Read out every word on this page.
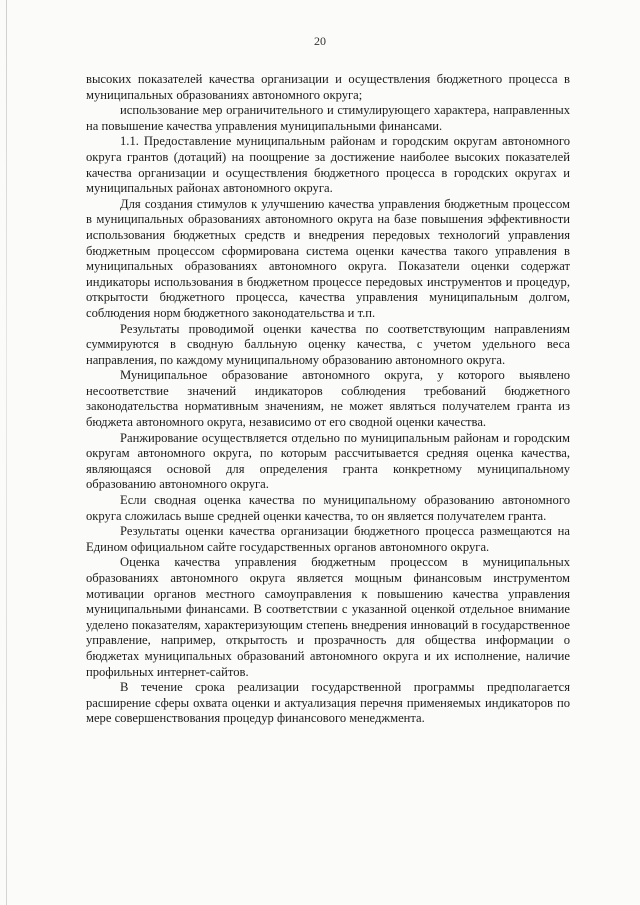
20

высоких показателей качества организации и осуществления бюджетного процесса в муниципальных образованиях автономного округа;

использование мер ограничительного и стимулирующего характера, направленных на повышение качества управления муниципальными финансами.

1.1. Предоставление муниципальным районам и городским округам автономного округа грантов (дотаций) на поощрение за достижение наиболее высоких показателей качества организации и осуществления бюджетного процесса в городских округах и муниципальных районах автономного округа.

Для создания стимулов к улучшению качества управления бюджетным процессом в муниципальных образованиях автономного округа на базе повышения эффективности использования бюджетных средств и внедрения передовых технологий управления бюджетным процессом сформирована система оценки качества такого управления в муниципальных образованиях автономного округа. Показатели оценки содержат индикаторы использования в бюджетном процессе передовых инструментов и процедур, открытости бюджетного процесса, качества управления муниципальным долгом, соблюдения норм бюджетного законодательства и т.п.

Результаты проводимой оценки качества по соответствующим направлениям суммируются в сводную балльную оценку качества, с учетом удельного веса направления, по каждому муниципальному образованию автономного округа.

Муниципальное образование автономного округа, у которого выявлено несоответствие значений индикаторов соблюдения требований бюджетного законодательства нормативным значениям, не может являться получателем гранта из бюджета автономного округа, независимо от его сводной оценки качества.

Ранжирование осуществляется отдельно по муниципальным районам и городским округам автономного округа, по которым рассчитывается средняя оценка качества, являющаяся основой для определения гранта конкретному муниципальному образованию автономного округа.

Если сводная оценка качества по муниципальному образованию автономного округа сложилась выше средней оценки качества, то он является получателем гранта.

Результаты оценки качества организации бюджетного процесса размещаются на Едином официальном сайте государственных органов автономного округа.

Оценка качества управления бюджетным процессом в муниципальных образованиях автономного округа является мощным финансовым инструментом мотивации органов местного самоуправления к повышению качества управления муниципальными финансами. В соответствии с указанной оценкой отдельное внимание уделено показателям, характеризующим степень внедрения инноваций в государственное управление, например, открытость и прозрачность для общества информации о бюджетах муниципальных образований автономного округа и их исполнение, наличие профильных интернет-сайтов.

В течение срока реализации государственной программы предполагается расширение сферы охвата оценки и актуализация перечня применяемых индикаторов по мере совершенствования процедур финансового менеджмента.
